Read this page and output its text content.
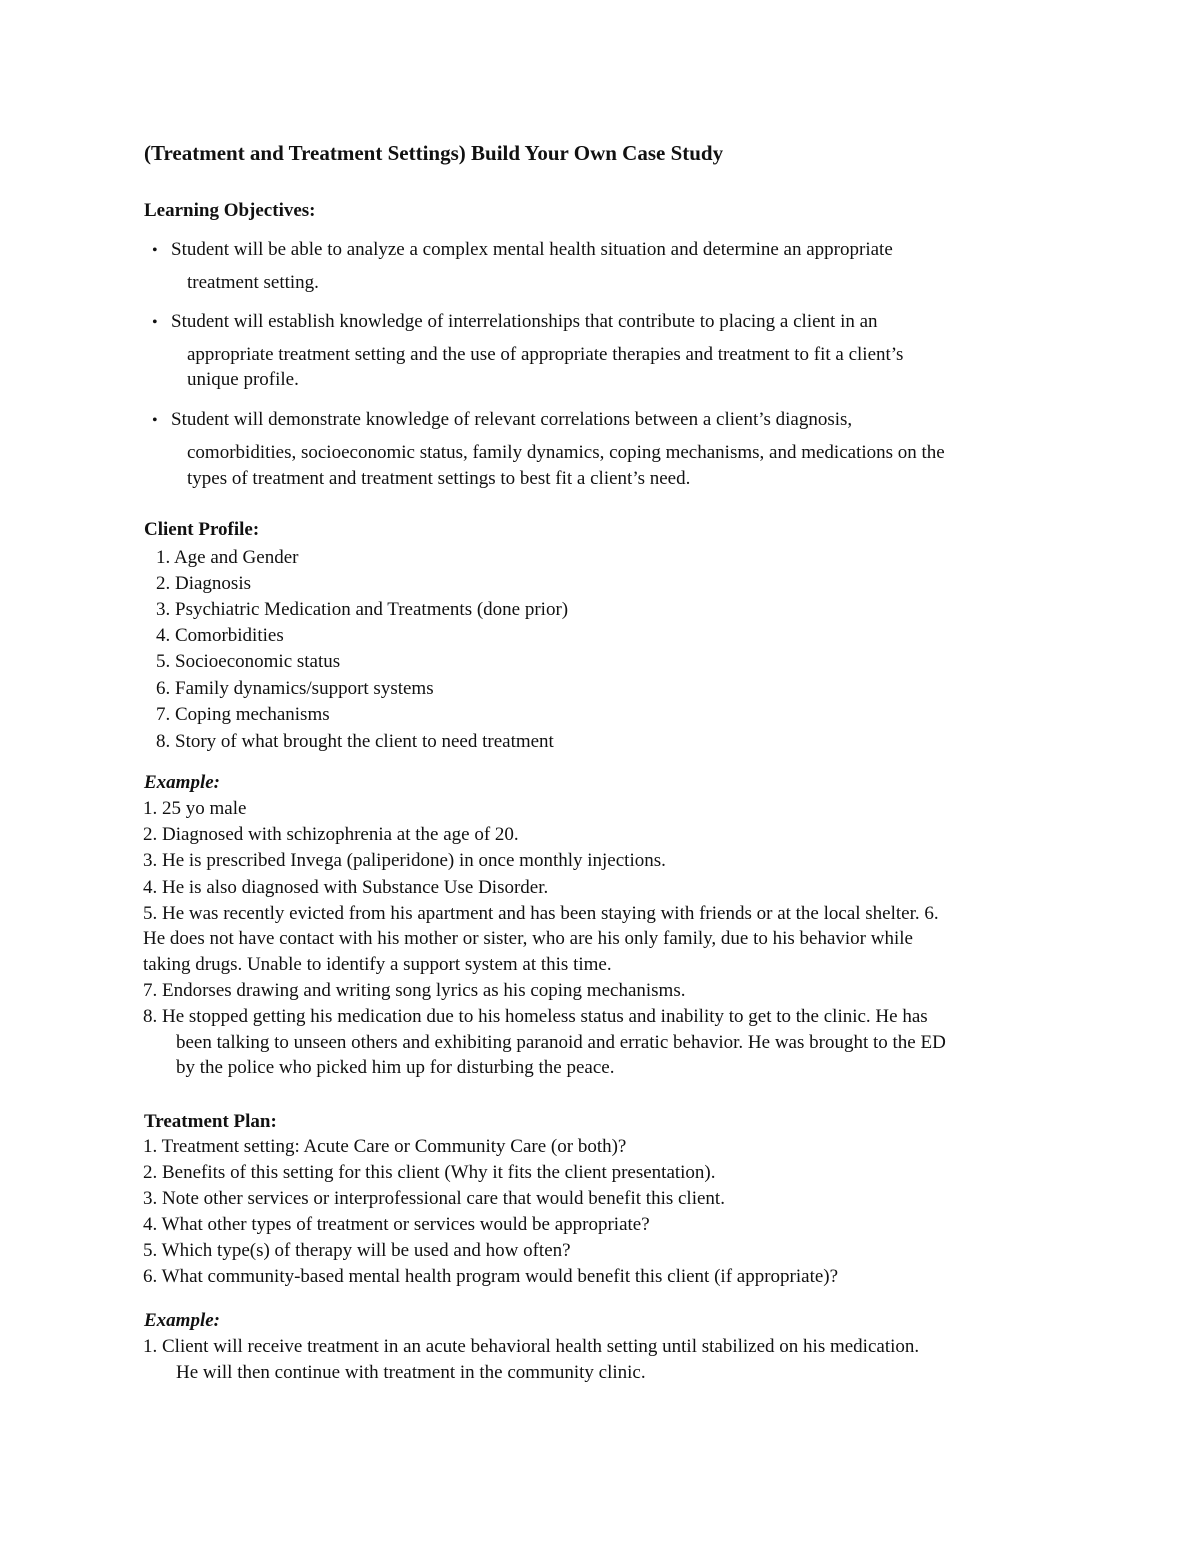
(Treatment and Treatment Settings) Build Your Own Case Study
Learning Objectives:
• Student will be able to analyze a complex mental health situation and determine an appropriate
treatment setting.
• Student will establish knowledge of interrelationships that contribute to placing a client in an
appropriate treatment setting and the use of appropriate therapies and treatment to fit a client’s
unique profile.
• Student will demonstrate knowledge of relevant correlations between a client’s diagnosis,
comorbidities, socioeconomic status, family dynamics, coping mechanisms, and medications on the
types of treatment and treatment settings to best fit a client’s need.
Client Profile:
1. Age and Gender
2. Diagnosis
3. Psychiatric Medication and Treatments (done prior)
4. Comorbidities
5. Socioeconomic status
6. Family dynamics/support systems
7. Coping mechanisms
8. Story of what brought the client to need treatment
Example:
1. 25 yo male
2. Diagnosed with schizophrenia at the age of 20.
3. He is prescribed Invega (paliperidone) in once monthly injections.
4. He is also diagnosed with Substance Use Disorder.
5. He was recently evicted from his apartment and has been staying with friends or at the local shelter. 6.
He does not have contact with his mother or sister, who are his only family, due to his behavior while
taking drugs. Unable to identify a support system at this time.
7. Endorses drawing and writing song lyrics as his coping mechanisms.
8. He stopped getting his medication due to his homeless status and inability to get to the clinic. He has
been talking to unseen others and exhibiting paranoid and erratic behavior. He was brought to the ED
by the police who picked him up for disturbing the peace.
Treatment Plan:
1. Treatment setting: Acute Care or Community Care (or both)?
2. Benefits of this setting for this client (Why it fits the client presentation).
3. Note other services or interprofessional care that would benefit this client.
4. What other types of treatment or services would be appropriate?
5. Which type(s) of therapy will be used and how often?
6. What community-based mental health program would benefit this client (if appropriate)?
Example:
1. Client will receive treatment in an acute behavioral health setting until stabilized on his medication.
He will then continue with treatment in the community clinic.
